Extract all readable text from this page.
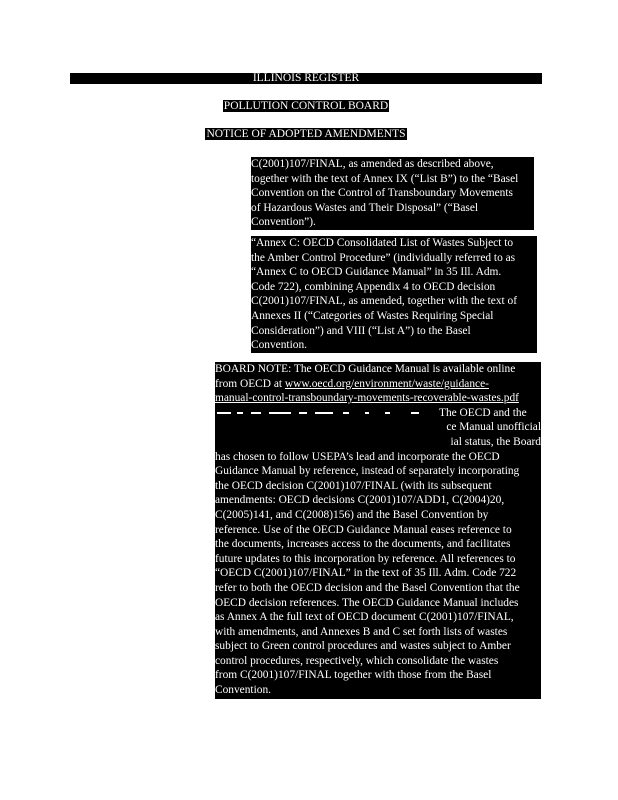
ILLINOIS REGISTER
POLLUTION CONTROL BOARD
NOTICE OF ADOPTED AMENDMENTS
C(2001)107/FINAL, as amended as described above,
together with the text of Annex IX (“List B”) to the “Basel
Convention on the Control of Transboundary Movements
of Hazardous Wastes and Their Disposal” (“Basel
Convention”).
“Annex C: OECD Consolidated List of Wastes Subject to
the Amber Control Procedure” (individually referred to as
“Annex C to OECD Guidance Manual” in 35 Ill. Adm.
Code 722), combining Appendix 4 to OECD decision
C(2001)107/FINAL, as amended, together with the text of
Annexes II (“Categories of Wastes Requiring Special
Consideration”) and VIII (“List A”) to the Basel
Convention.
BOARD NOTE: The OECD Guidance Manual is available online
from OECD at www.oecd.org/environment/waste/guidance-
manual-control-transboundary-movements-recoverable-wastes.pdf
The OECD and the
ce Manual unofficial
ial status, the Board
has chosen to follow USEPA’s lead and incorporate the OECD
Guidance Manual by reference, instead of separately incorporating
the OECD decision C(2001)107/FINAL (with its subsequent
amendments: OECD decisions C(2001)107/ADD1, C(2004)20,
C(2005)141, and C(2008)156) and the Basel Convention by
reference. Use of the OECD Guidance Manual eases reference to
the documents, increases access to the documents, and facilitates
future updates to this incorporation by reference. All references to
“OECD C(2001)107/FINAL” in the text of 35 Ill. Adm. Code 722
refer to both the OECD decision and the Basel Convention that the
OECD decision references. The OECD Guidance Manual includes
as Annex A the full text of OECD document C(2001)107/FINAL,
with amendments, and Annexes B and C set forth lists of wastes
subject to Green control procedures and wastes subject to Amber
control procedures, respectively, which consolidate the wastes
from C(2001)107/FINAL together with those from the Basel
Convention.
